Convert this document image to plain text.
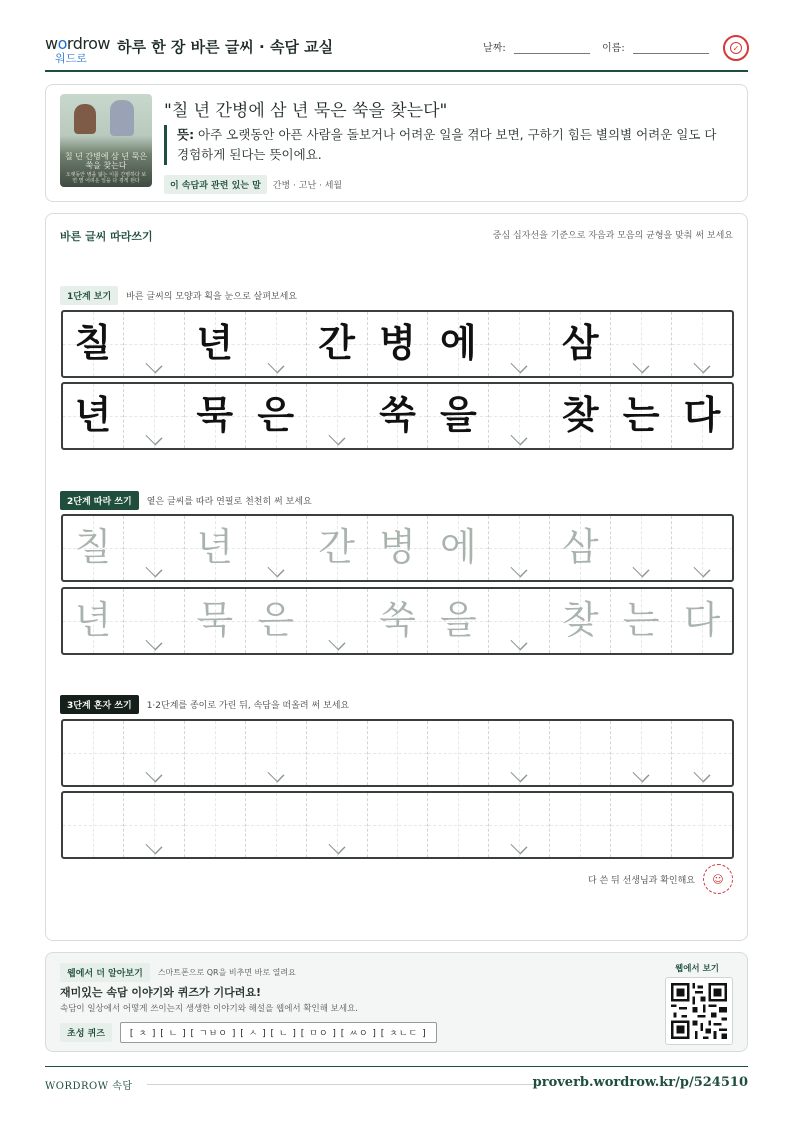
wordrow
워드로
하루 한 장 바른 글씨 · 속담 교실	날짜:	이름:	✓
칠 년 간병에 삼 년 묵은 쑥을 찾는다
오랫동안 병을 앓는 이를 간병하다 보면 별 어려운 일을 다 겪게 된다
"칠 년 간병에 삼 년 묵은 쑥을 찾는다"
뜻: 아주 오랫동안 아픈 사람을 돌보거나 어려운 일을 겪다 보면, 구하기 힘든 별의별 어려운 일도 다 경험하게 된다는 뜻이에요.
이 속담과 관련 있는 말 간병 · 고난 · 세월
바른 글씨 따라쓰기	중심 십자선을 기준으로 자음과 모음의 균형을 맞춰 써 보세요
1단계 보기	바른 글씨의 모양과 획을 눈으로 살펴보세요
칠	년	간 병 에	삼
년	묵 은	쑥 을	찾 는 다
2단계 따라 쓰기	옅은 글씨를 따라 연필로 천천히 써 보세요
칠	년	간 병 에	삼
년	묵 은	쑥 을	찾 는 다
3단계 혼자 쓰기	1·2단계를 종이로 가린 뒤, 속담을 떠올려 써 보세요
다 쓴 뒤 선생님과 확인해요	☺
웹에서 더 알아보기	스마트폰으로 QR을 비추면 바로 열려요
재미있는 속담 이야기와 퀴즈가 기다려요!
속담이 일상에서 어떻게 쓰이는지 생생한 이야기와 해설을 웹에서 확인해 보세요.
초성 퀴즈	[ ㅊ ] [ ㄴ ] [ ㄱㅂㅇ ] [ ㅅ ] [ ㄴ ] [ ㅁㅇ ] [ ㅆㅇ ] [ ㅊㄴㄷ ]
웹에서 보기
WORDROW 속담	proverb.wordrow.kr/p/524510
